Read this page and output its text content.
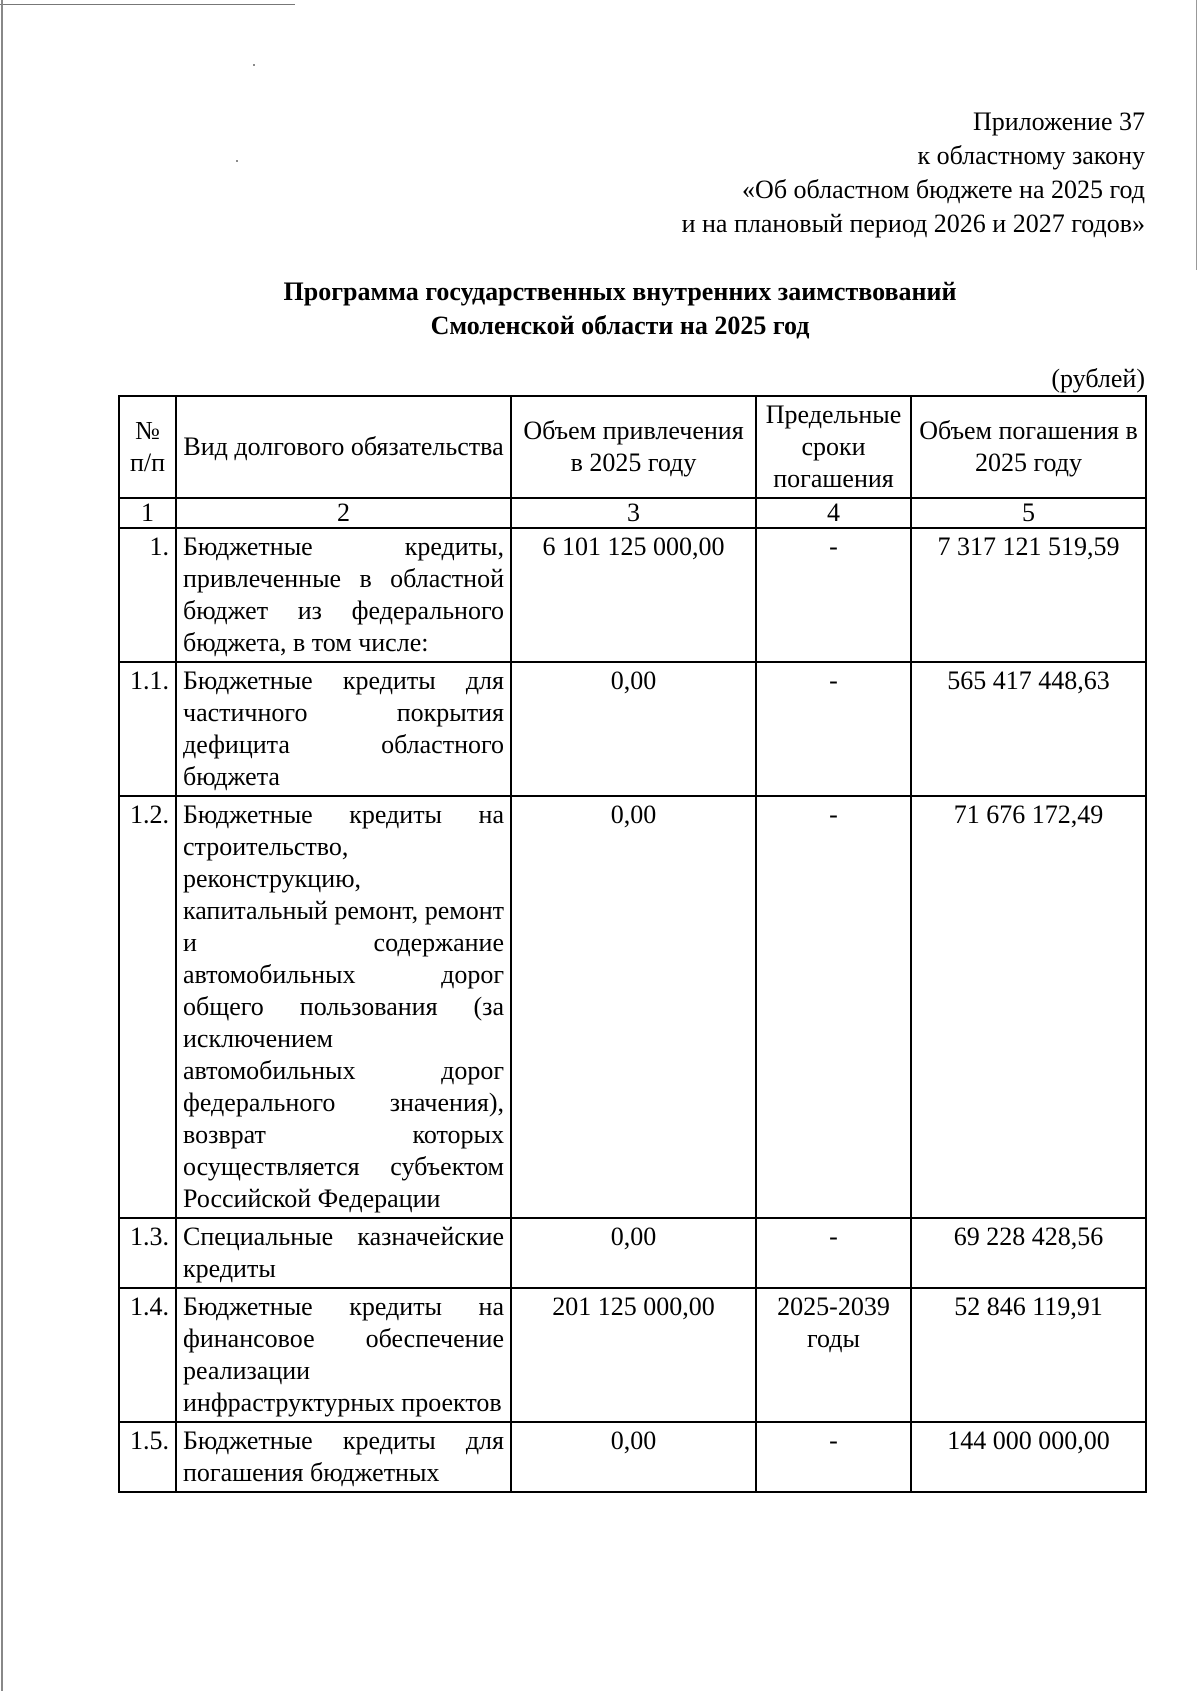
Приложение 37
к областному закону
«Об областном бюджете на 2025 год
и на плановый период 2026 и 2027 годов»
Программа государственных внутренних заимствований
Смоленской области на 2025 год
(рублей)
№ п/п	Вид долгового обязательства	Объем привлечения в 2025 году	Предельные сроки погашения	Объем погашения в 2025 году
1	2	3	4	5
1.	Бюджетные кредиты, привлеченные в областной бюджет из федерального бюджета, в том числе:	6 101 125 000,00	-	7 317 121 519,59
1.1.	Бюджетные кредиты для частичного покрытия дефицита областного бюджета	0,00	-	565 417 448,63
1.2.	Бюджетные кредиты на строительство, реконструкцию, капитальный ремонт, ремонт и содержание автомобильных дорог общего пользования (за исключением автомобильных дорог федерального значения), возврат которых осуществляется субъектом Российской Федерации	0,00	-	71 676 172,49
1.3.	Специальные казначейские кредиты	0,00	-	69 228 428,56
1.4.	Бюджетные кредиты на финансовое обеспечение реализации инфраструктурных проектов	201 125 000,00	2025-2039 годы	52 846 119,91
1.5.	Бюджетные кредиты для погашения бюджетных	0,00	-	144 000 000,00
